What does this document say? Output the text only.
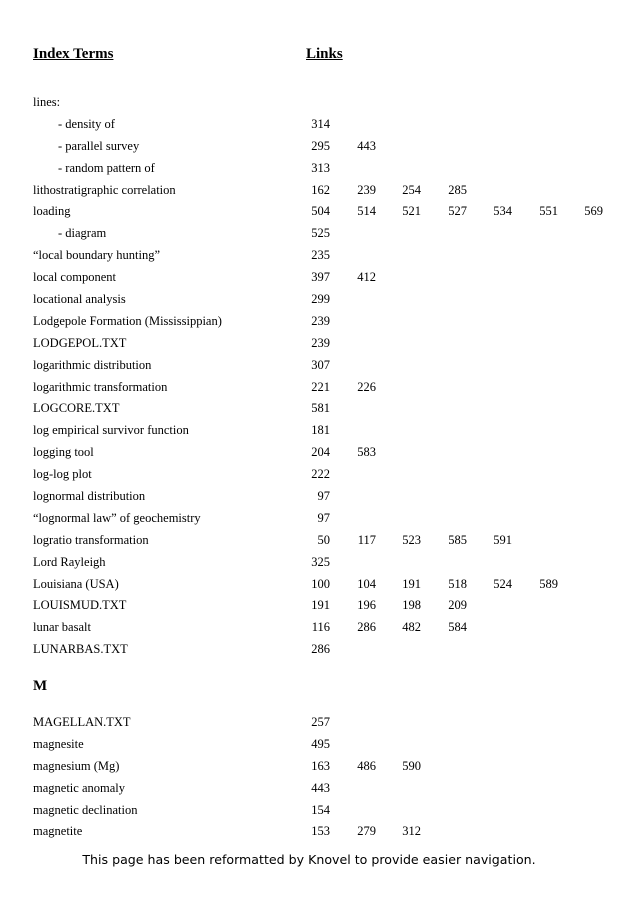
Index Terms	Links
lines:
- density of	314
- parallel survey	295	443
- random pattern of	313
lithostratigraphic correlation	162	239	254	285
loading	504	514	521	527	534	551	569
- diagram	525
“local boundary hunting”	235
local component	397	412
locational analysis	299
Lodgepole Formation (Mississippian)	239
LODGEPOL.TXT	239
logarithmic distribution	307
logarithmic transformation	221	226
LOGCORE.TXT	581
log empirical survivor function	181
logging tool	204	583
log-log plot	222
lognormal distribution	97
“lognormal law” of geochemistry	97
logratio transformation	50	117	523	585	591
Lord Rayleigh	325
Louisiana (USA)	100	104	191	518	524	589
LOUISMUD.TXT	191	196	198	209
lunar basalt	116	286	482	584
LUNARBAS.TXT	286
M
MAGELLAN.TXT	257
magnesite	495
magnesium (Mg)	163	486	590
magnetic anomaly	443
magnetic declination	154
magnetite	153	279	312
This page has been reformatted by Knovel to provide easier navigation.
